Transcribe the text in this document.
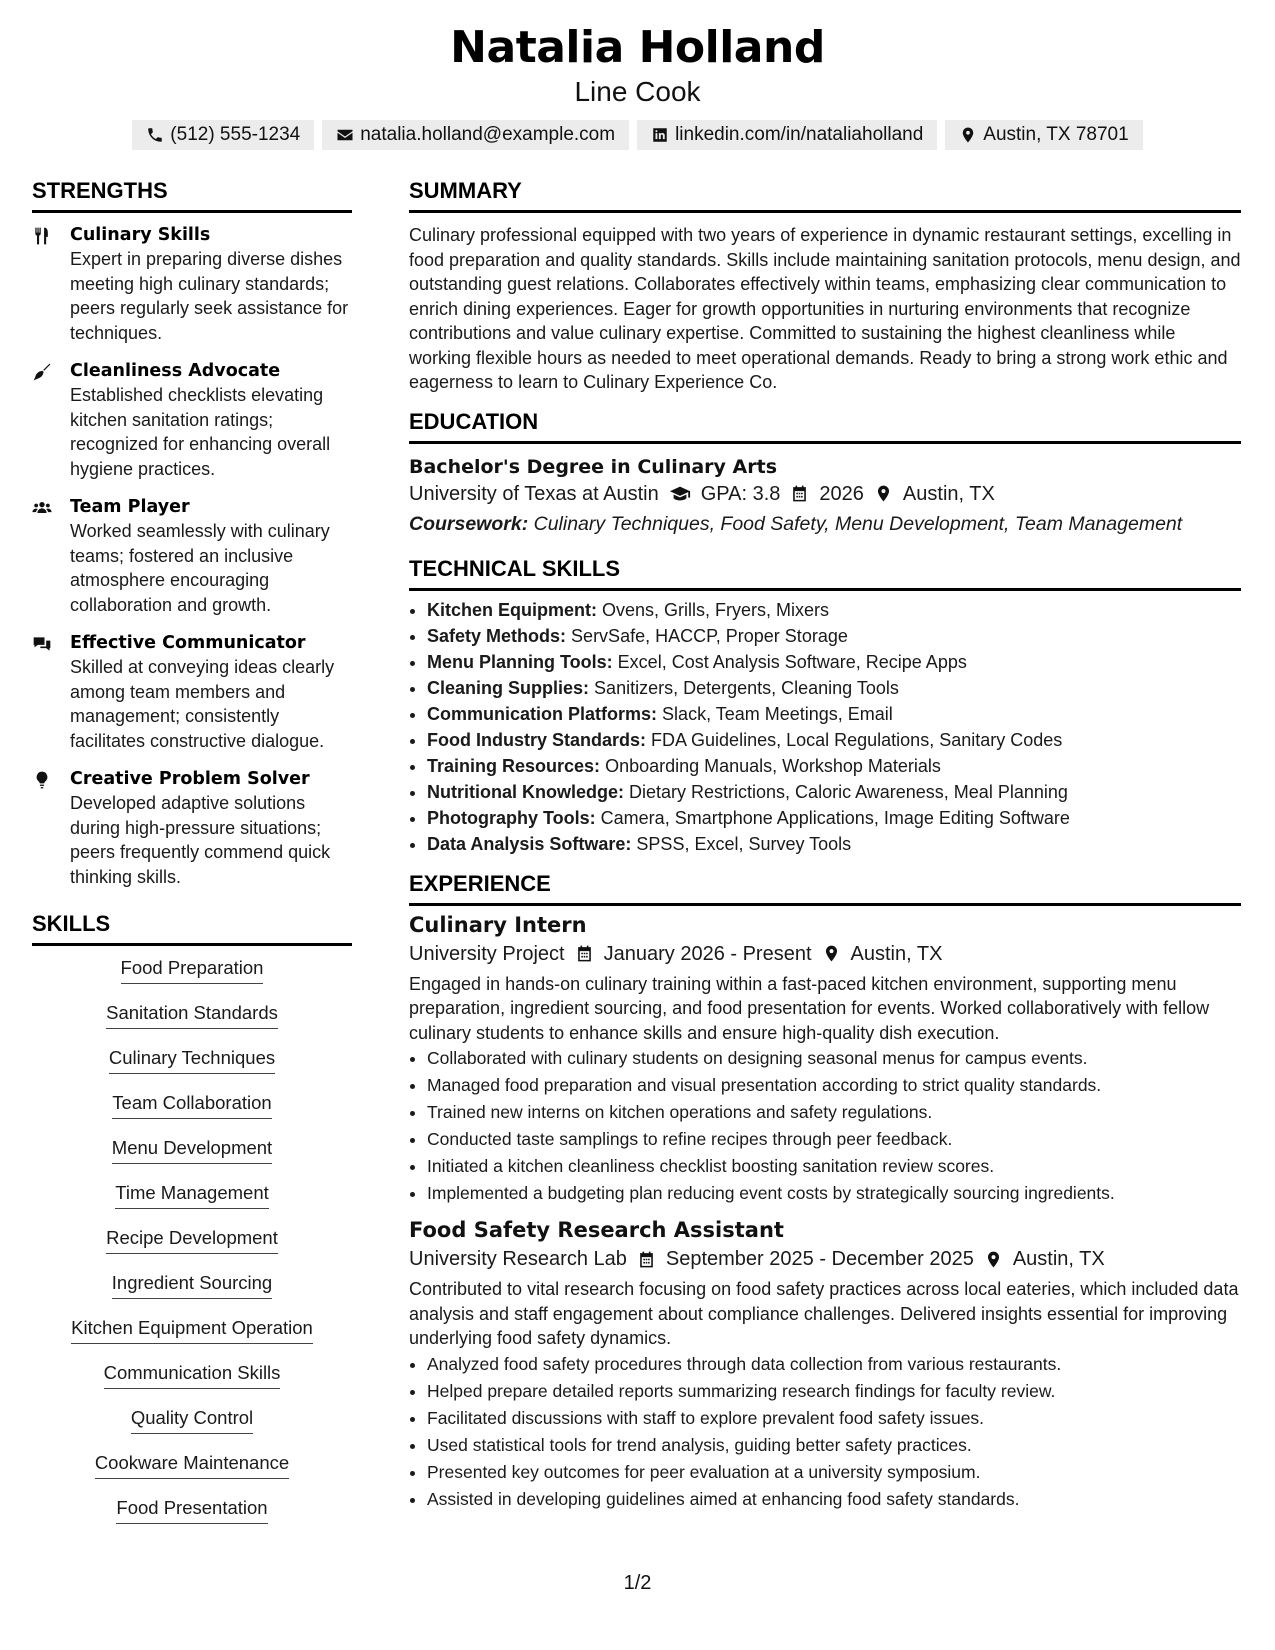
Natalia Holland
Line Cook
(512) 555-1234	natalia.holland@example.com	linkedin.com/in/nataliaholland	Austin, TX 78701
STRENGTHS
Culinary Skills
Expert in preparing diverse dishes meeting high culinary standards; peers regularly seek assistance for techniques.
Cleanliness Advocate
Established checklists elevating kitchen sanitation ratings; recognized for enhancing overall hygiene practices.
Team Player
Worked seamlessly with culinary teams; fostered an inclusive atmosphere encouraging collaboration and growth.
Effective Communicator
Skilled at conveying ideas clearly among team members and management; consistently facilitates constructive dialogue.
Creative Problem Solver
Developed adaptive solutions during high-pressure situations; peers frequently commend quick thinking skills.
SKILLS
Food Preparation
Sanitation Standards
Culinary Techniques
Team Collaboration
Menu Development
Time Management
Recipe Development
Ingredient Sourcing
Kitchen Equipment Operation
Communication Skills
Quality Control
Cookware Maintenance
Food Presentation
SUMMARY

Culinary professional equipped with two years of experience in dynamic restaurant settings, excelling in food preparation and quality standards. Skills include maintaining sanitation protocols, menu design, and outstanding guest relations. Collaborates effectively within teams, emphasizing clear communication to enrich dining experiences. Eager for growth opportunities in nurturing environments that recognize contributions and value culinary expertise. Committed to sustaining the highest cleanliness while working flexible hours as needed to meet operational demands. Ready to bring a strong work ethic and eagerness to learn to Culinary Experience Co.

EDUCATION
Bachelor's Degree in Culinary Arts
University of Texas at Austin GPA: 3.8 2026 Austin, TX
Coursework: Culinary Techniques, Food Safety, Menu Development, Team Management
TECHNICAL SKILLS
• Kitchen Equipment: Ovens, Grills, Fryers, Mixers
• Safety Methods: ServSafe, HACCP, Proper Storage
• Menu Planning Tools: Excel, Cost Analysis Software, Recipe Apps
• Cleaning Supplies: Sanitizers, Detergents, Cleaning Tools
• Communication Platforms: Slack, Team Meetings, Email
• Food Industry Standards: FDA Guidelines, Local Regulations, Sanitary Codes
• Training Resources: Onboarding Manuals, Workshop Materials
• Nutritional Knowledge: Dietary Restrictions, Caloric Awareness, Meal Planning
• Photography Tools: Camera, Smartphone Applications, Image Editing Software
• Data Analysis Software: SPSS, Excel, Survey Tools
EXPERIENCE
Culinary Intern
University Project January 2026 - Present Austin, TX

Engaged in hands-on culinary training within a fast-paced kitchen environment, supporting menu preparation, ingredient sourcing, and food presentation for events. Worked collaboratively with fellow culinary students to enhance skills and ensure high-quality dish execution.

• Collaborated with culinary students on designing seasonal menus for campus events.
• Managed food preparation and visual presentation according to strict quality standards.
• Trained new interns on kitchen operations and safety regulations.
• Conducted taste samplings to refine recipes through peer feedback.
• Initiated a kitchen cleanliness checklist boosting sanitation review scores.
• Implemented a budgeting plan reducing event costs by strategically sourcing ingredients.
Food Safety Research Assistant
University Research Lab September 2025 - December 2025 Austin, TX

Contributed to vital research focusing on food safety practices across local eateries, which included data analysis and staff engagement about compliance challenges. Delivered insights essential for improving underlying food safety dynamics.

• Analyzed food safety procedures through data collection from various restaurants.
• Helped prepare detailed reports summarizing research findings for faculty review.
• Facilitated discussions with staff to explore prevalent food safety issues.
• Used statistical tools for trend analysis, guiding better safety practices.
• Presented key outcomes for peer evaluation at a university symposium.
• Assisted in developing guidelines aimed at enhancing food safety standards.
1/2
